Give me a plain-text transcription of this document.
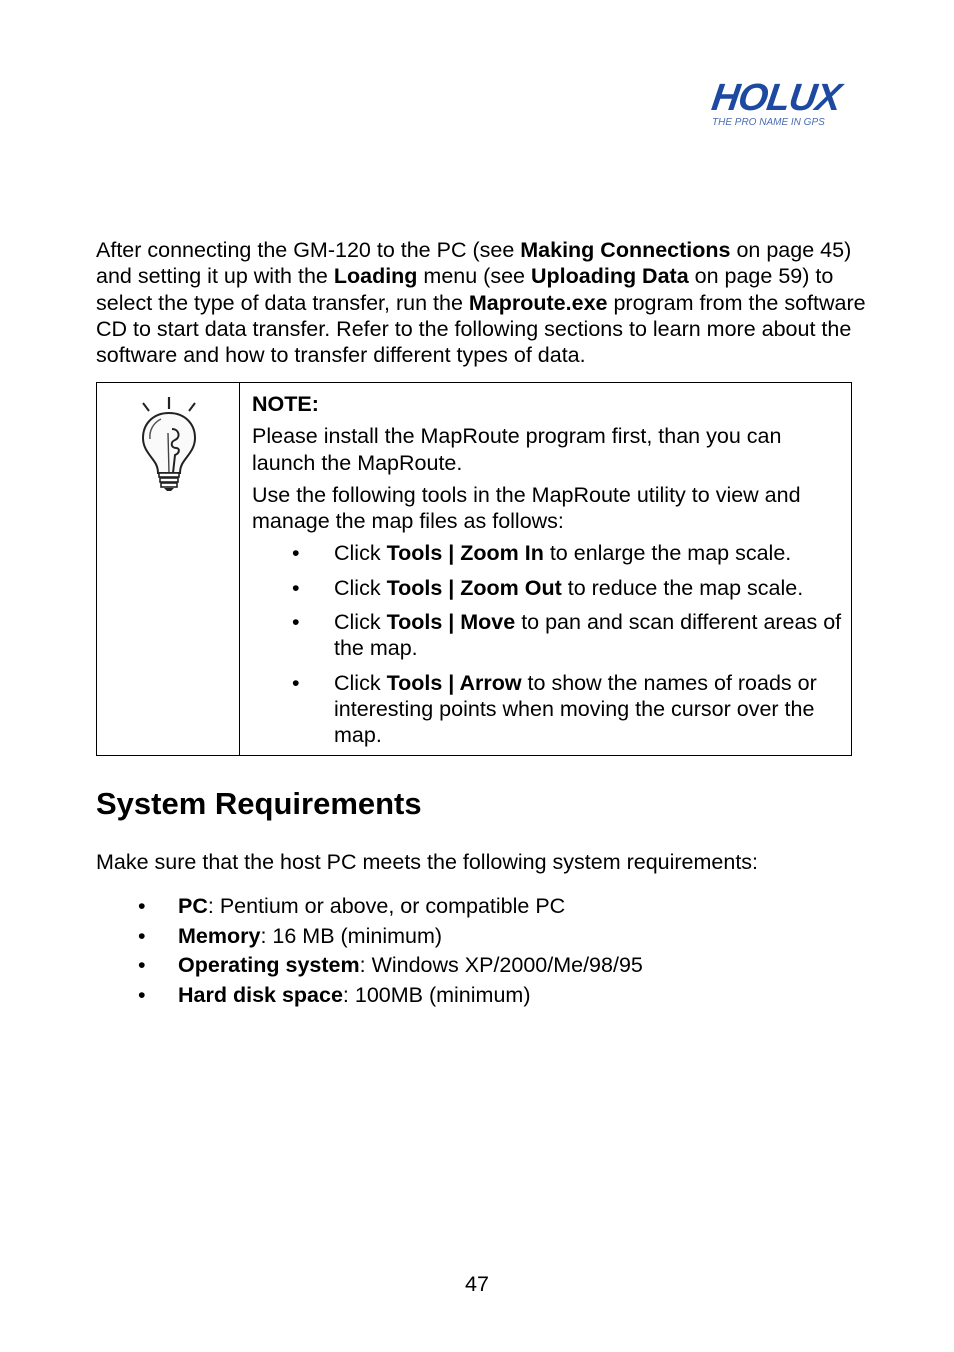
HOLUX
THE PRO NAME IN GPS

After connecting the GM-120 to the PC (see Making Connections on page 45) and setting it up with the Loading menu (see Uploading Data on page 59) to select the type of data transfer, run the Maproute.exe program from the software CD to start data transfer. Refer to the following sections to learn more about the software and how to transfer different types of data.

NOTE:

Please install the MapRoute program first, than you can launch the MapRoute.

Use the following tools in the MapRoute utility to view and manage the map files as follows:

• Click Tools | Zoom In to enlarge the map scale.
• Click Tools | Zoom Out to reduce the map scale.
• Click Tools | Move to pan and scan different areas of the map.
• Click Tools | Arrow to show the names of roads or interesting points when moving the cursor over the map.
System Requirements

Make sure that the host PC meets the following system requirements:

• PC: Pentium or above, or compatible PC
• Memory: 16 MB (minimum)
• Operating system: Windows XP/2000/Me/98/95
• Hard disk space: 100MB (minimum)
47
